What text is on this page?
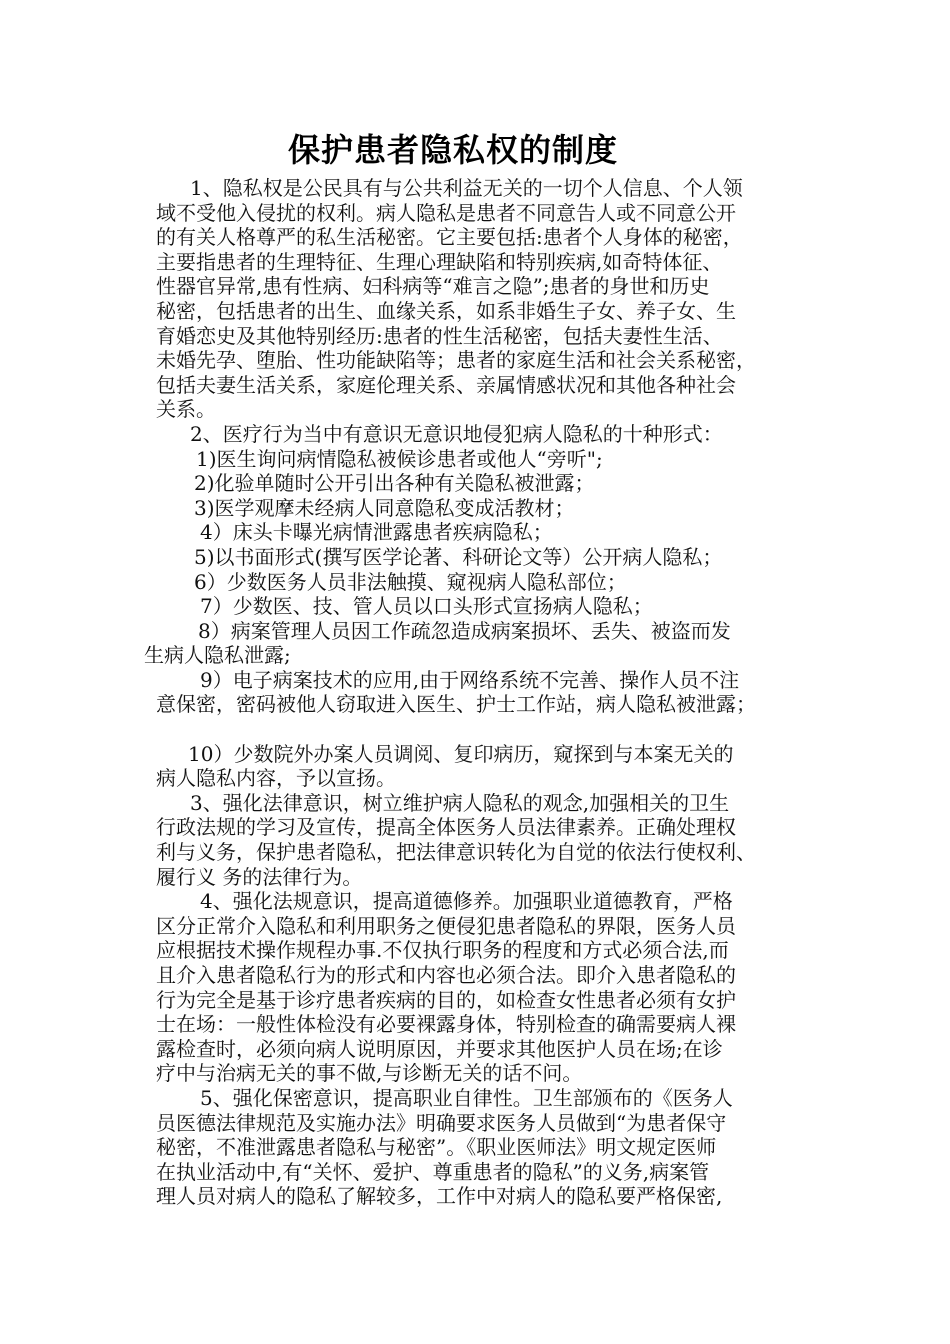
保护患者隐私权的制度
1、隐私权是公民具有与公共利益无关的一切个人信息、个人领
域不受他入侵扰的权利。病人隐私是患者不同意告人或不同意公开
的有关人格尊严的私生活秘密。它主要包括:患者个人身体的秘密，
主要指患者的生理特征、生理心理缺陷和特别疾病,如奇特体征、
性器官异常,患有性病、妇科病等“难言之隐”;患者的身世和历史
秘密，包括患者的出生、血缘关系，如系非婚生子女、养子女、生
育婚恋史及其他特别经历:患者的性生活秘密，包括夫妻性生活、
未婚先孕、堕胎、性功能缺陷等；患者的家庭生活和社会关系秘密，
包括夫妻生活关系，家庭伦理关系、亲属情感状况和其他各种社会
关系。
2、医疗行为当中有意识无意识地侵犯病人隐私的十种形式：
1)医生询问病情隐私被候诊患者或他人“旁听";
2)化验单随时公开引出各种有关隐私被泄露；
3)医学观摩未经病人同意隐私变成活教材；
4）床头卡曝光病情泄露患者疾病隐私；
5)以书面形式(撰写医学论著、科研论文等）公开病人隐私；
6）少数医务人员非法触摸、窥视病人隐私部位；
7）少数医、技、管人员以口头形式宣扬病人隐私；
8）病案管理人员因工作疏忽造成病案损坏、丢失、被盗而发
生病人隐私泄露;
9）电子病案技术的应用,由于网络系统不完善、操作人员不注
意保密，密码被他人窃取进入医生、护士工作站，病人隐私被泄露；
10）少数院外办案人员调阅、复印病历，窥探到与本案无关的
病人隐私内容，予以宣扬。
3、强化法律意识，树立维护病人隐私的观念,加强相关的卫生
行政法规的学习及宣传，提高全体医务人员法律素养。正确处理权
利与义务，保护患者隐私，把法律意识转化为自觉的依法行使权利、
履行义 务的法律行为。
4、强化法规意识，提高道德修养。加强职业道德教育，严格
区分正常介入隐私和利用职务之便侵犯患者隐私的界限，医务人员
应根据技术操作规程办事.不仅执行职务的程度和方式必须合法,而
且介入患者隐私行为的形式和内容也必须合法。即介入患者隐私的
行为完全是基于诊疗患者疾病的目的，如检查女性患者必须有女护
士在场：一般性体检没有必要裸露身体，特别检查的确需要病人裸
露检查时，必须向病人说明原因，并要求其他医护人员在场;在诊
疗中与治病无关的事不做,与诊断无关的话不问。
5、强化保密意识，提高职业自律性。卫生部颁布的《医务人
员医德法律规范及实施办法》明确要求医务人员做到“为患者保守
秘密，不准泄露患者隐私与秘密”。《职业医师法》明文规定医师
在执业活动中,有“关怀、爱护、尊重患者的隐私”的义务,病案管
理人员对病人的隐私了解较多，工作中对病人的隐私要严格保密,
